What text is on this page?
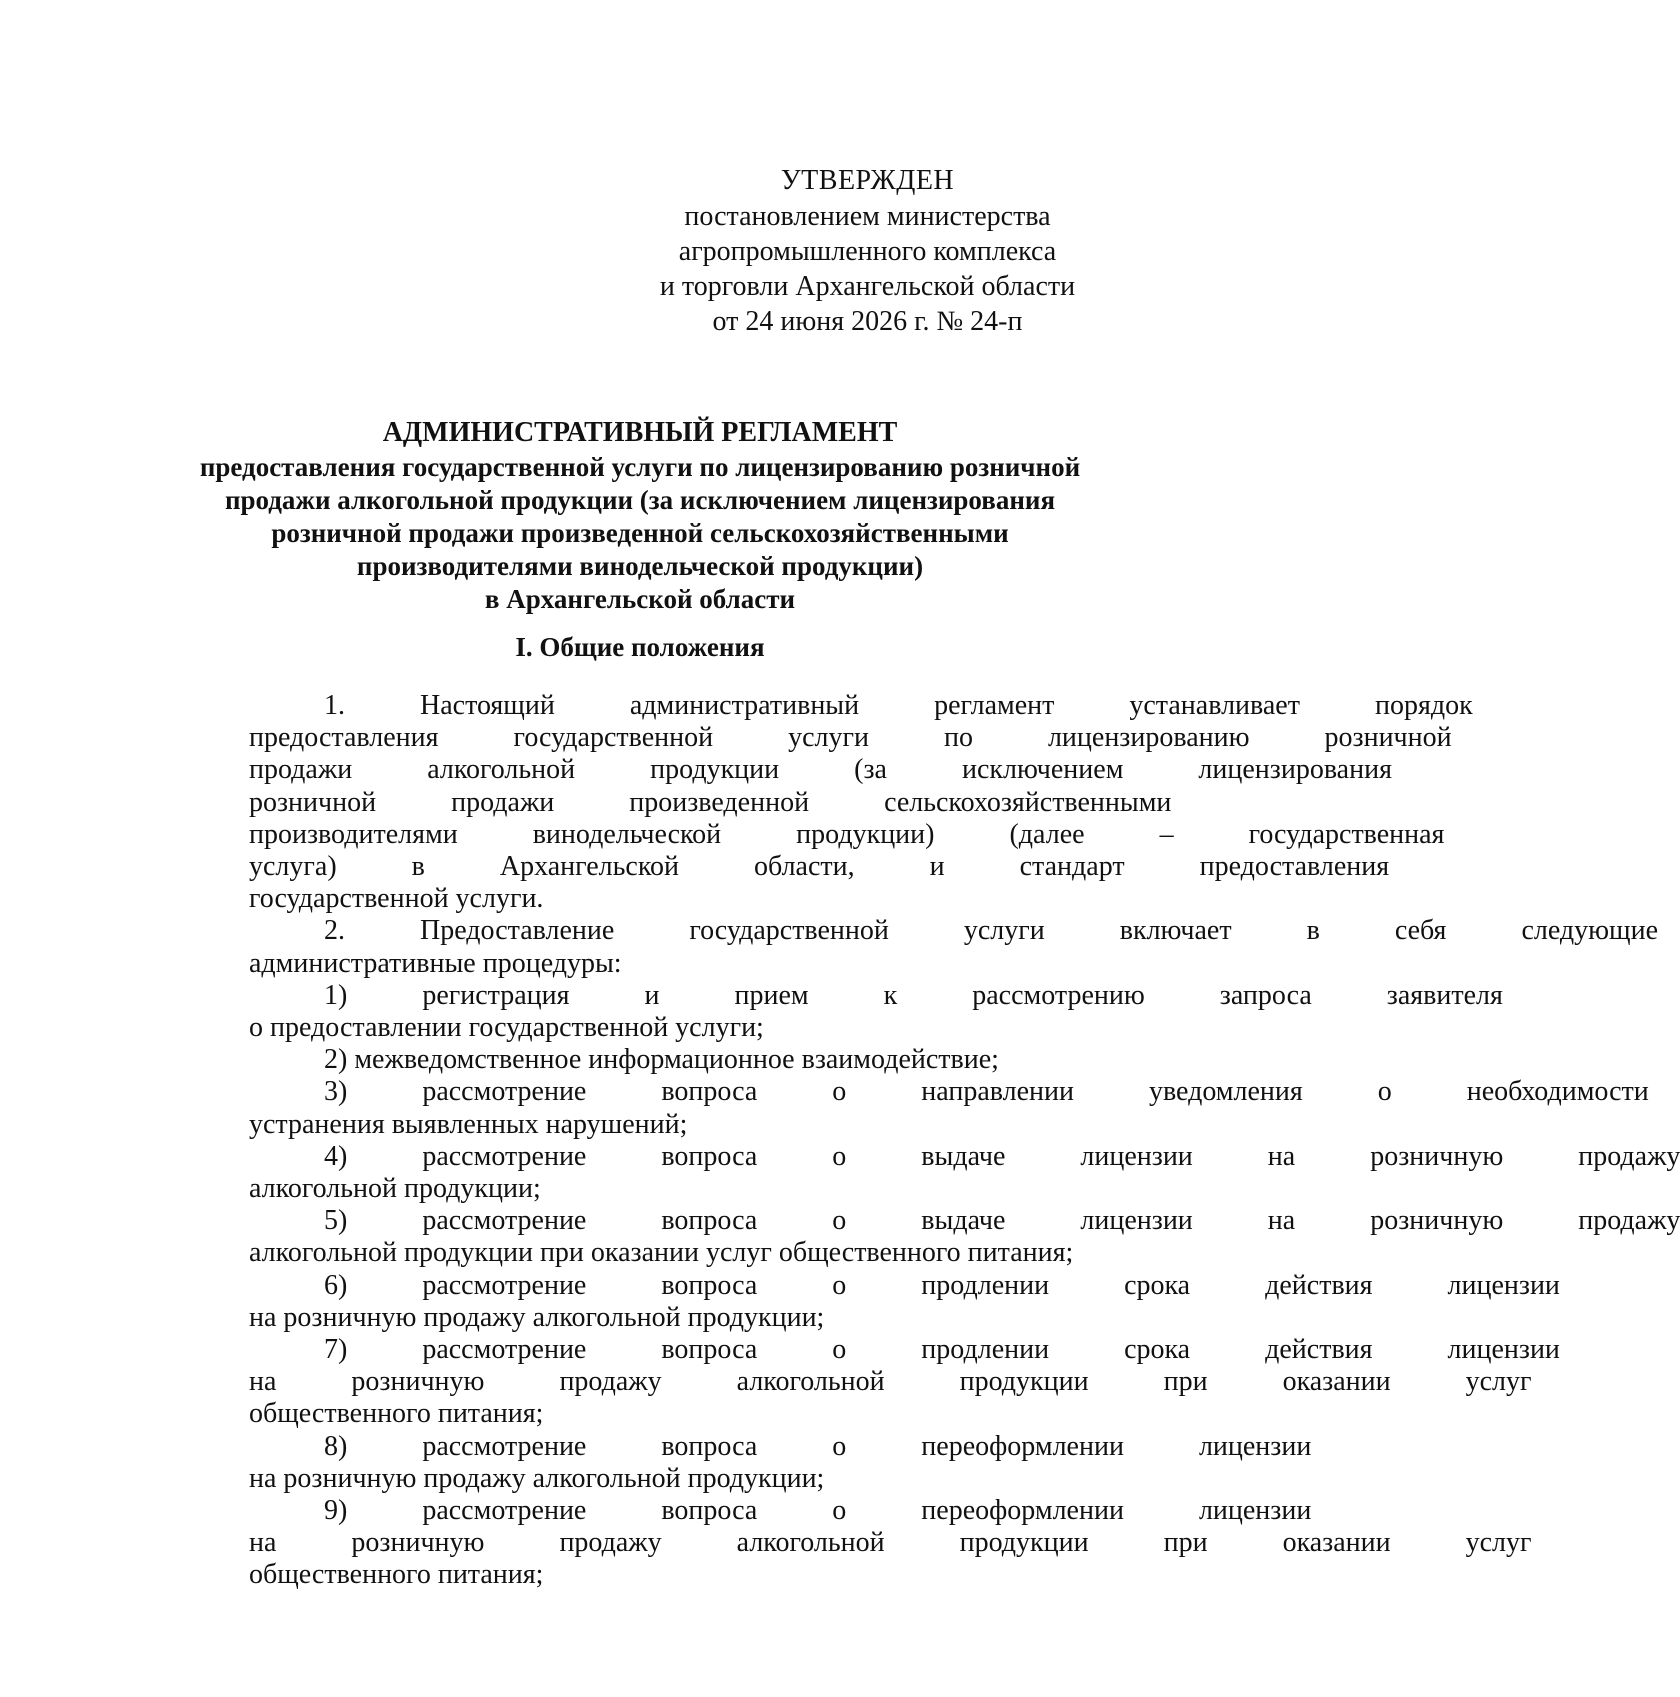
УТВЕРЖДЕН
постановлением министерства
агропромышленного комплекса
и торговли Архангельской области
от 24 июня 2026 г. № 24-п
АДМИНИСТРАТИВНЫЙ РЕГЛАМЕНТ
предоставления государственной услуги по лицензированию розничной
продажи алкогольной продукции (за исключением лицензирования
розничной продажи произведенной сельскохозяйственными
производителями винодельческой продукции)
в Архангельской области
I. Общие положения
1.	Настоящий	административный	регламент	устанавливает	порядок
предоставления	государственной	услуги	по	лицензированию	розничной
продажи	алкогольной	продукции	(за	исключением	лицензирования
розничной	продажи	произведенной	сельскохозяйственными
производителями	винодельческой	продукции)	(далее	–	государственная
услуга)	в	Архангельской	области,	и	стандарт	предоставления
государственной услуги.
2.	Предоставление	государственной	услуги	включает	в	себя	следующие
административные процедуры:
1)	регистрация	и	прием	к	рассмотрению	запроса	заявителя
о предоставлении государственной услуги;
2) межведомственное информационное взаимодействие;
3)	рассмотрение	вопроса	о	направлении	уведомления	о	необходимости
устранения выявленных нарушений;
4)	рассмотрение	вопроса	о	выдаче	лицензии	на	розничную	продажу
алкогольной продукции;
5)	рассмотрение	вопроса	о	выдаче	лицензии	на	розничную	продажу
алкогольной продукции при оказании услуг общественного питания;
6)	рассмотрение	вопроса	о	продлении	срока	действия	лицензии
на розничную продажу алкогольной продукции;
7)	рассмотрение	вопроса	о	продлении	срока	действия	лицензии
на	розничную	продажу	алкогольной	продукции	при	оказании	услуг
общественного питания;
8)	рассмотрение	вопроса	о	переоформлении	лицензии
на розничную продажу алкогольной продукции;
9)	рассмотрение	вопроса	о	переоформлении	лицензии
на	розничную	продажу	алкогольной	продукции	при	оказании	услуг
общественного питания;
